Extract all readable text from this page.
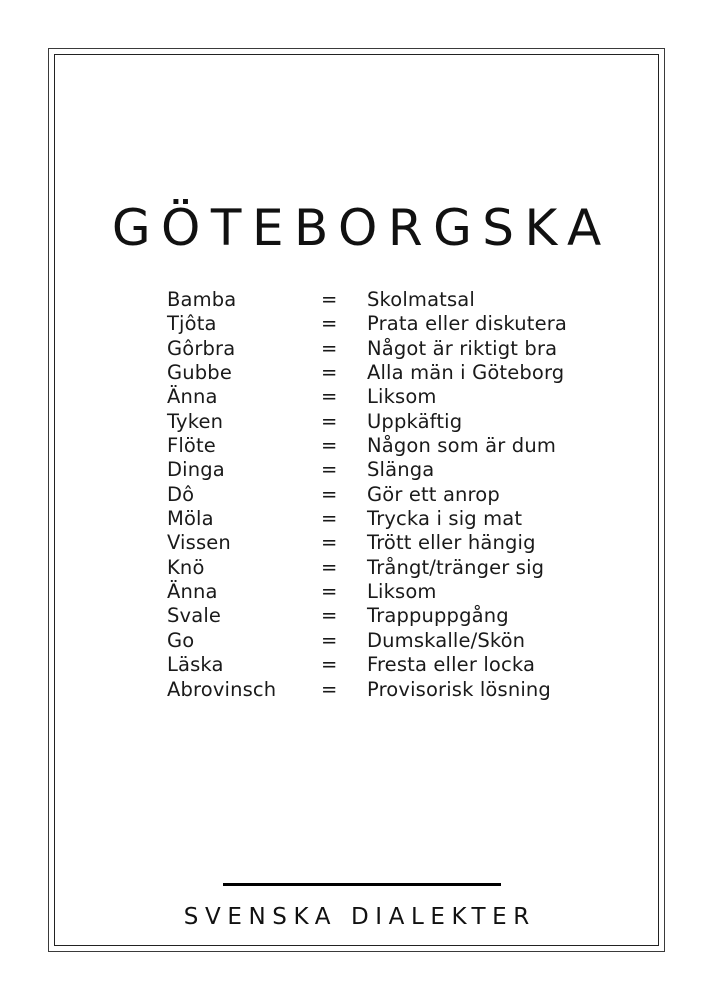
GÖTEBORGSKA
Bamba	=	Skolmatsal
Tjôta	=	Prata eller diskutera
Gôrbra	=	Något är riktigt bra
Gubbe	=	Alla män i Göteborg
Änna	=	Liksom
Tyken	=	Uppkäftig
Flöte	=	Någon som är dum
Dinga	=	Slänga
Dô	=	Gör ett anrop
Möla	=	Trycka i sig mat
Vissen	=	Trött eller hängig
Knö	=	Trångt/tränger sig
Änna	=	Liksom
Svale	=	Trappuppgång
Go	=	Dumskalle/Skön
Läska	=	Fresta eller locka
Abrovinsch	=	Provisorisk lösning
SVENSKA DIALEKTER
